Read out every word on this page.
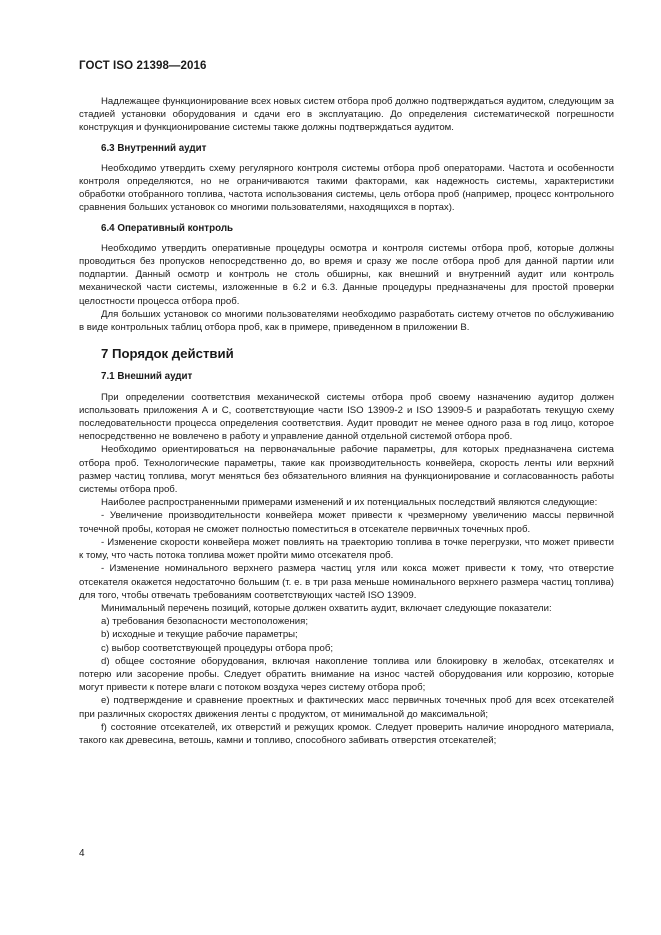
ГОСТ ISO 21398—2016

Надлежащее функционирование всех новых систем отбора проб должно подтверждаться аудитом, следующим за стадией установки оборудования и сдачи его в эксплуатацию. До определения систематической погрешности конструкция и функционирование системы также должны подтверждаться аудитом.

6.3 Внутренний аудит

Необходимо утвердить схему регулярного контроля системы отбора проб операторами. Частота и особенности контроля определяются, но не ограничиваются такими факторами, как надежность системы, характеристики обработки отобранного топлива, частота использования системы, цель отбора проб (например, процесс контрольного сравнения больших установок со многими пользователями, находящихся в портах).

6.4 Оперативный контроль

Необходимо утвердить оперативные процедуры осмотра и контроля системы отбора проб, которые должны проводиться без пропусков непосредственно до, во время и сразу же после отбора проб для данной партии или подпартии. Данный осмотр и контроль не столь обширны, как внешний и внутренний аудит или контроль механической части системы, изложенные в 6.2 и 6.3. Данные процедуры предназначены для простой проверки целостности процесса отбора проб.

Для больших установок со многими пользователями необходимо разработать систему отчетов по обслуживанию в виде контрольных таблиц отбора проб, как в примере, приведенном в приложении В.

7 Порядок действий
7.1 Внешний аудит

При определении соответствия механической системы отбора проб своему назначению аудитор должен использовать приложения А и С, соответствующие части ISO 13909-2 и ISO 13909-5 и разработать текущую схему последовательности процесса определения соответствия. Аудит проводит не менее одного раза в год лицо, которое непосредственно не вовлечено в работу и управление данной отдельной системой отбора проб.

Необходимо ориентироваться на первоначальные рабочие параметры, для которых предназначена система отбора проб. Технологические параметры, такие как производительность конвейера, скорость ленты или верхний размер частиц топлива, могут меняться без обязательного влияния на функционирование и согласованность работы системы отбора проб.

Наиболее распространенными примерами изменений и их потенциальных последствий являются следующие:

- Увеличение производительности конвейера может привести к чрезмерному увеличению массы первичной точечной пробы, которая не сможет полностью поместиться в отсекателе первичных точечных проб.

- Изменение скорости конвейера может повлиять на траекторию топлива в точке перегрузки, что может привести к тому, что часть потока топлива может пройти мимо отсекателя проб.

- Изменение номинального верхнего размера частиц угля или кокса может привести к тому, что отверстие отсекателя окажется недостаточно большим (т. е. в три раза меньше номинального верхнего размера частиц топлива) для того, чтобы отвечать требованиям соответствующих частей ISO 13909.

Минимальный перечень позиций, которые должен охватить аудит, включает следующие показатели:

а) требования безопасности местоположения;

b) исходные и текущие рабочие параметры;

с) выбор соответствующей процедуры отбора проб;

d) общее состояние оборудования, включая накопление топлива или блокировку в желобах, отсекателях и потерю или засорение пробы. Следует обратить внимание на износ частей оборудования или коррозию, которые могут привести к потере влаги с потоком воздуха через систему отбора проб;

е) подтверждение и сравнение проектных и фактических масс первичных точечных проб для всех отсекателей при различных скоростях движения ленты с продуктом, от минимальной до максимальной;

f) состояние отсекателей, их отверстий и режущих кромок. Следует проверить наличие инородного материала, такого как древесина, ветошь, камни и топливо, способного забивать отверстия отсекателей;

4
